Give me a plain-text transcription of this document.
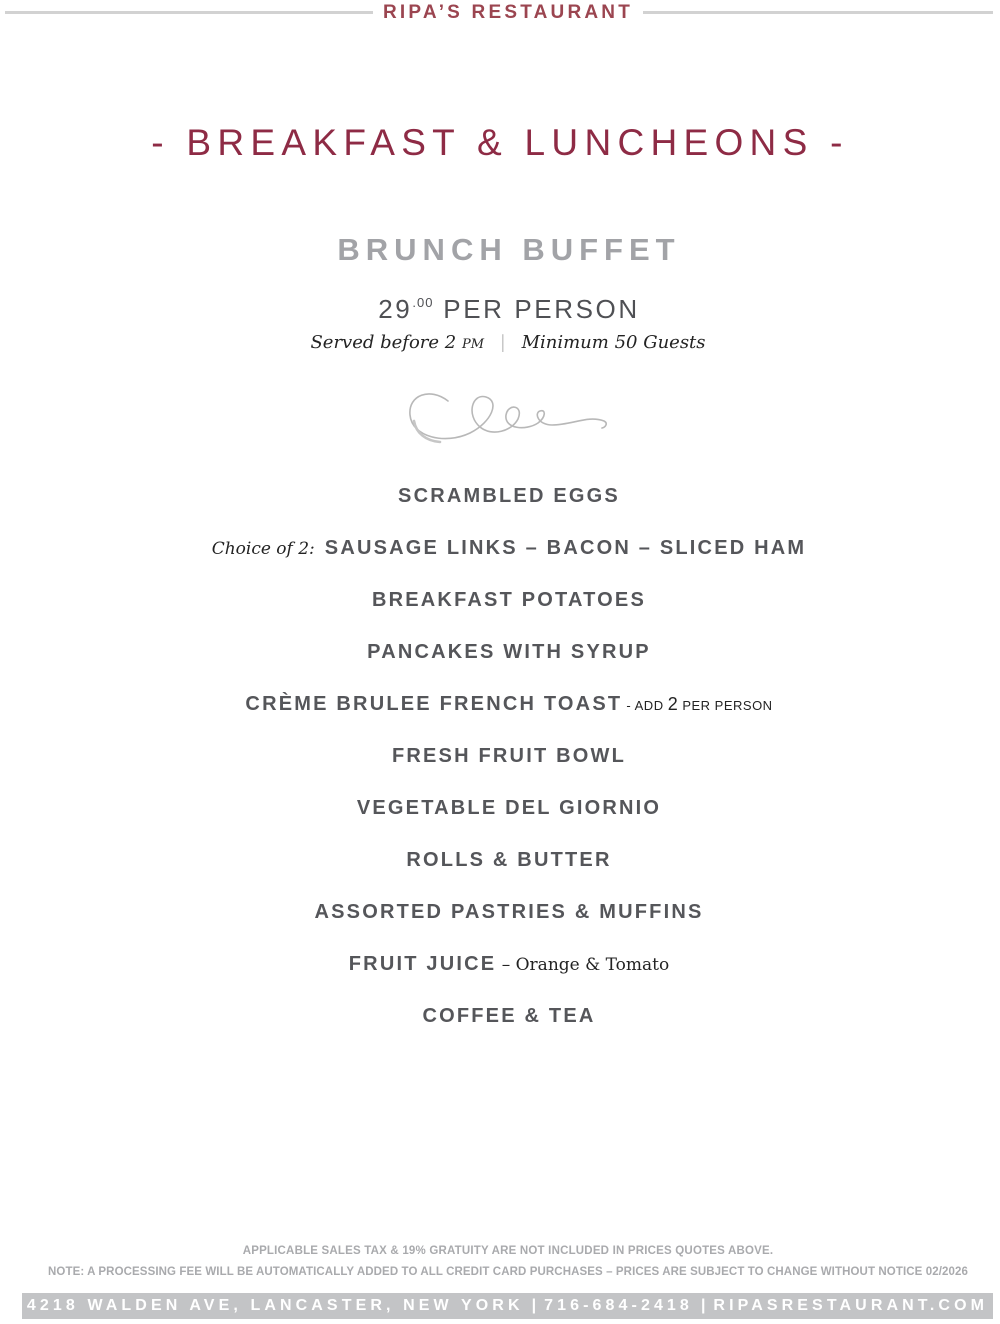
RIPA’S RESTAURANT
- BREAKFAST & LUNCHEONS -
BRUNCH BUFFET
$29^{.00}$ PER PERSON
Served before 2 PM | Minimum 50 Guests
SCRAMBLED EGGS
Choice of 2: SAUSAGE LINKS – BACON – SLICED HAM
BREAKFAST POTATOES
PANCAKES WITH SYRUP
CRÈME BRULEE FRENCH TOAST - ADD 2 PER PERSON
FRESH FRUIT BOWL
VEGETABLE DEL GIORNIO
ROLLS & BUTTER
ASSORTED PASTRIES & MUFFINS
FRUIT JUICE – Orange & Tomato
COFFEE & TEA
APPLICABLE SALES TAX & 19% GRATUITY ARE NOT INCLUDED IN PRICES QUOTES ABOVE.
NOTE: A PROCESSING FEE WILL BE AUTOMATICALLY ADDED TO ALL CREDIT CARD PURCHASES – PRICES ARE SUBJECT TO CHANGE WITHOUT NOTICE 02/2026
4218 WALDEN AVE, LANCASTER, NEW YORK | 716-684-2418 | RIPASRESTAURANT.COM
